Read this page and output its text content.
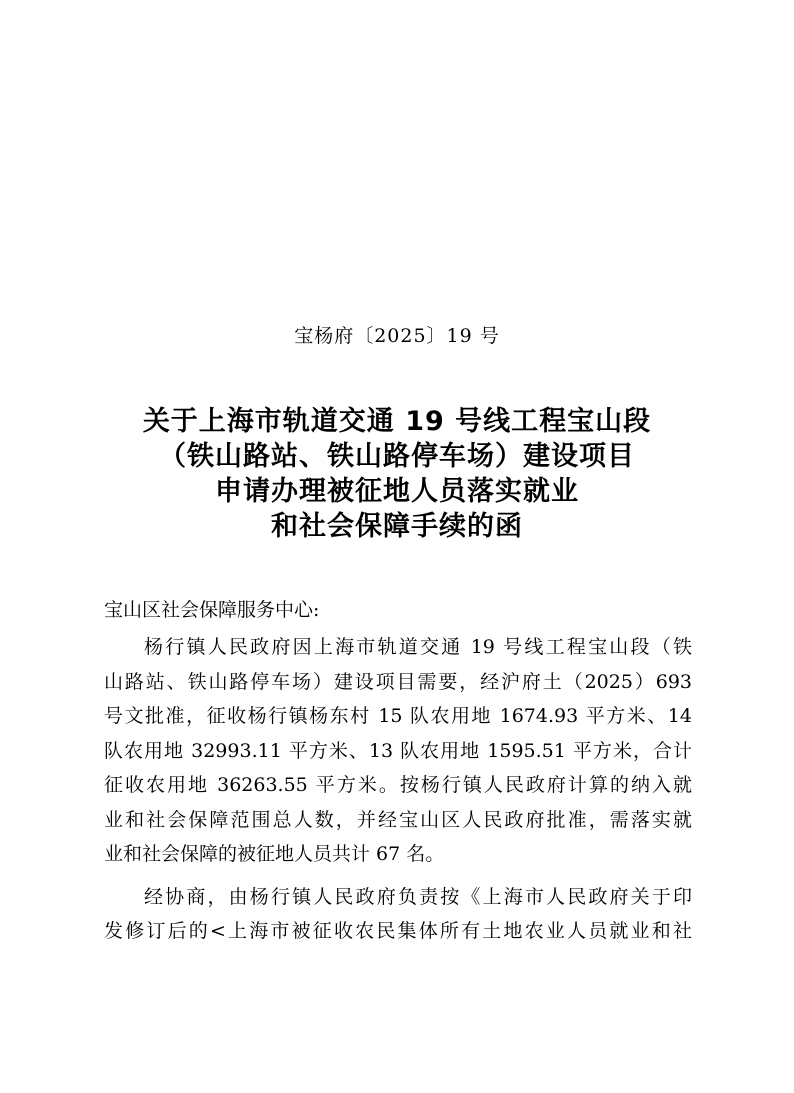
宝杨府〔2025〕19 号
关于上海市轨道交通 19 号线工程宝山段
（铁山路站、铁山路停车场）建设项目
申请办理被征地人员落实就业
和社会保障手续的函
宝山区社会保障服务中心:
杨行镇人民政府因上海市轨道交通 19 号线工程宝山段（铁
山路站、铁山路停车场）建设项目需要，经沪府土（2025）693
号文批准，征收杨行镇杨东村 15 队农用地 1674.93 平方米、14
队农用地 32993.11 平方米、13 队农用地 1595.51 平方米，合计
征收农用地 36263.55 平方米。按杨行镇人民政府计算的纳入就
业和社会保障范围总人数，并经宝山区人民政府批准，需落实就
业和社会保障的被征地人员共计 67 名。
经协商，由杨行镇人民政府负责按《上海市人民政府关于印
发修订后的<上海市被征收农民集体所有土地农业人员就业和社
